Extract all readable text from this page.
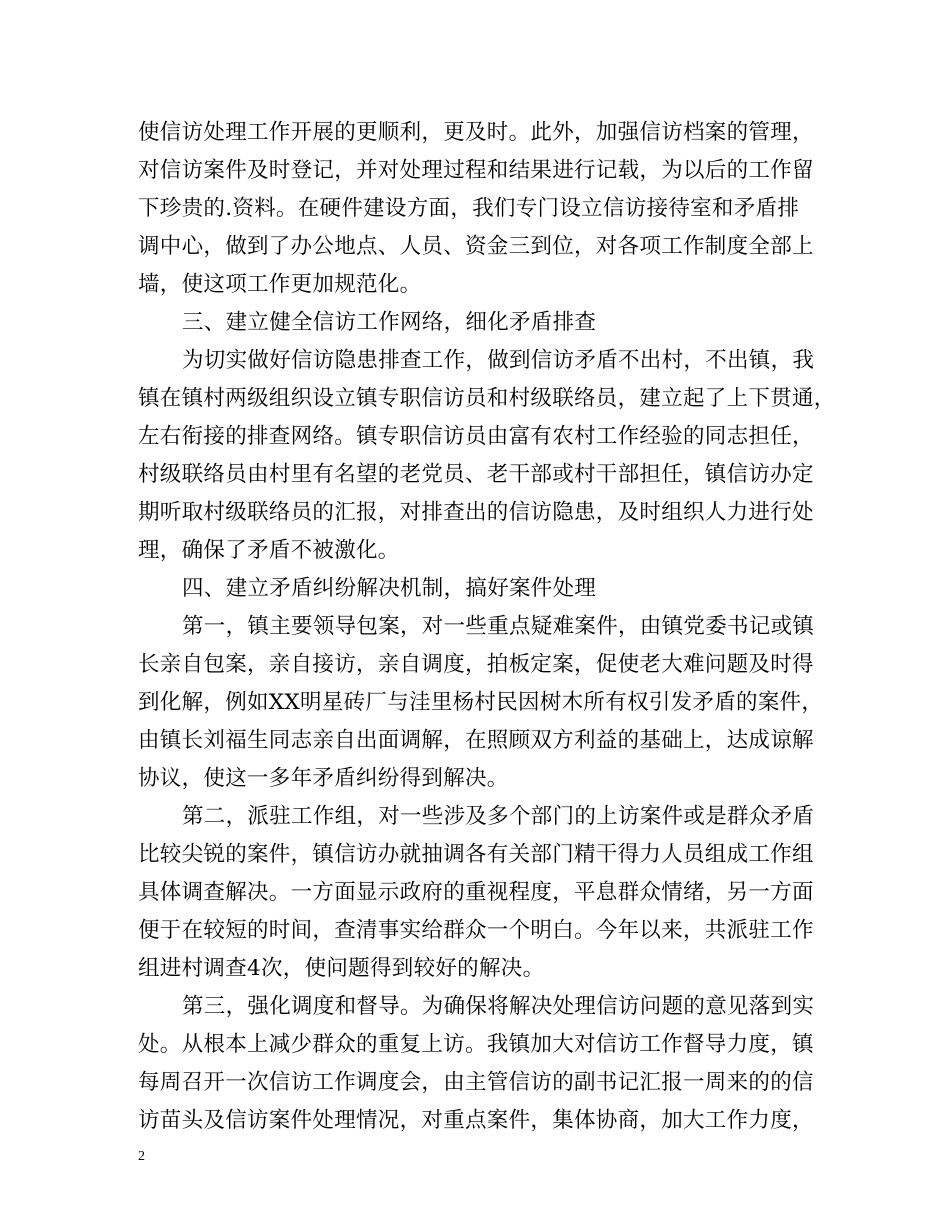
使信访处理工作开展的更顺利，更及时。此外，加强信访档案的管理，
对信访案件及时登记，并对处理过程和结果进行记载，为以后的工作留
下珍贵的.资料。在硬件建设方面，我们专门设立信访接待室和矛盾排
调中心，做到了办公地点、人员、资金三到位，对各项工作制度全部上
墙，使这项工作更加规范化。
三、建立健全信访工作网络，细化矛盾排查
为切实做好信访隐患排查工作，做到信访矛盾不出村，不出镇，我
镇在镇村两级组织设立镇专职信访员和村级联络员，建立起了上下贯通，
左右衔接的排查网络。镇专职信访员由富有农村工作经验的同志担任，
村级联络员由村里有名望的老党员、老干部或村干部担任，镇信访办定
期听取村级联络员的汇报，对排查出的信访隐患，及时组织人力进行处
理，确保了矛盾不被激化。
四、建立矛盾纠纷解决机制，搞好案件处理
第一，镇主要领导包案，对一些重点疑难案件，由镇党委书记或镇
长亲自包案，亲自接访，亲自调度，拍板定案，促使老大难问题及时得
到化解，例如XX明星砖厂与洼里杨村民因树木所有权引发矛盾的案件，
由镇长刘福生同志亲自出面调解，在照顾双方利益的基础上，达成谅解
协议，使这一多年矛盾纠纷得到解决。
第二，派驻工作组，对一些涉及多个部门的上访案件或是群众矛盾
比较尖锐的案件，镇信访办就抽调各有关部门精干得力人员组成工作组
具体调查解决。一方面显示政府的重视程度，平息群众情绪，另一方面
便于在较短的时间，查清事实给群众一个明白。今年以来，共派驻工作
组进村调查4次，使问题得到较好的解决。
第三，强化调度和督导。为确保将解决处理信访问题的意见落到实
处。从根本上减少群众的重复上访。我镇加大对信访工作督导力度，镇
每周召开一次信访工作调度会，由主管信访的副书记汇报一周来的的信
访苗头及信访案件处理情况，对重点案件，集体协商，加大工作力度，
2
